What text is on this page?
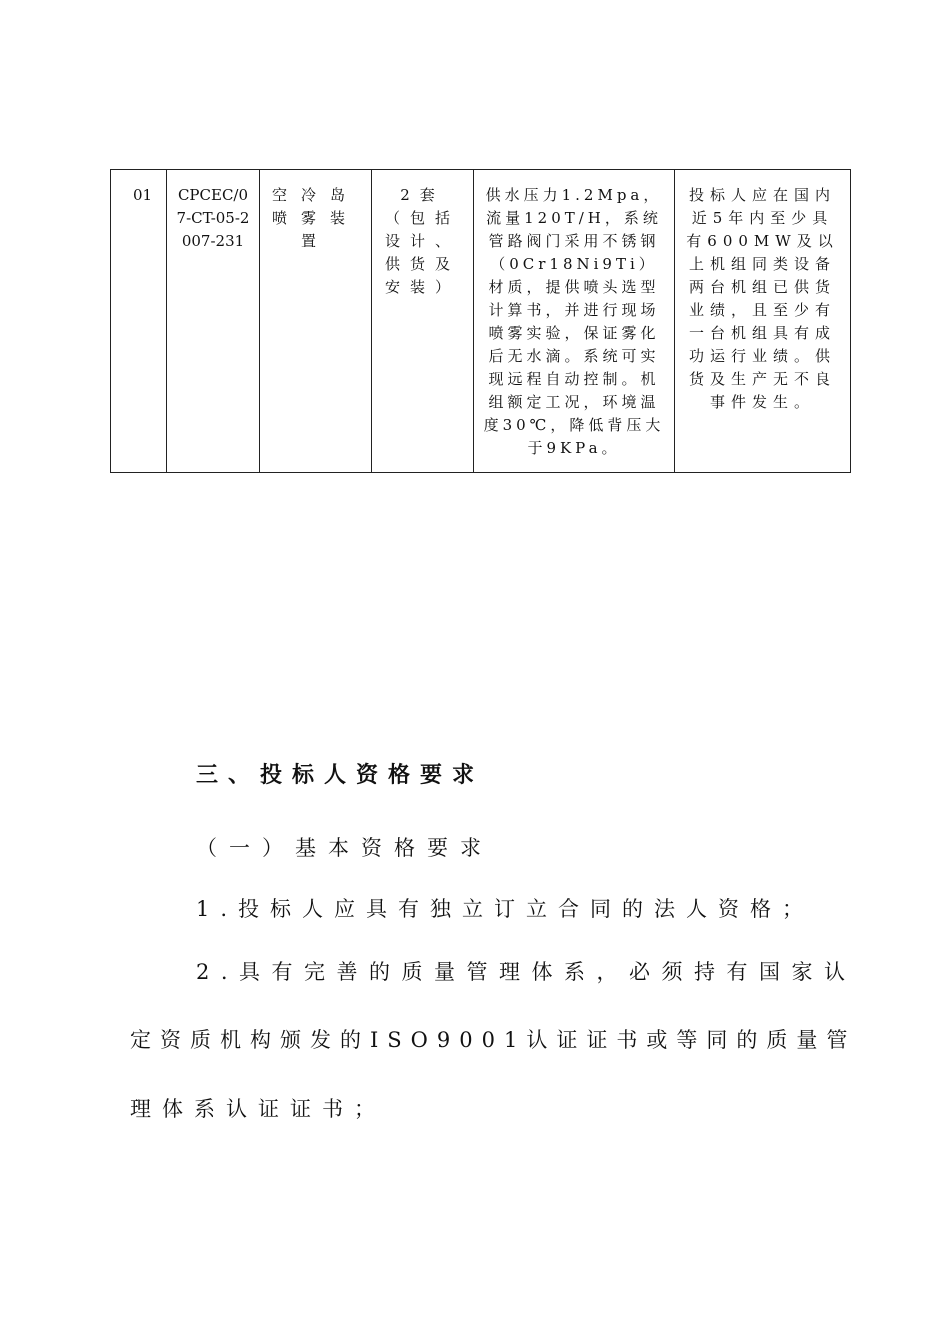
01	CPCEC/07-CT-05-2007-231	空冷岛喷雾装置	2套（包括设计、供货及安装）	供水压力1.2Mpa，流量120T/H，系统管路阀门采用不锈钢（0Cr18Ni9Ti）材质，提供喷头选型计算书，并进行现场喷雾实验，保证雾化后无水滴。系统可实现远程自动控制。机组额定工况，环境温度30℃，降低背压大于9KPa。	投标人应在国内近5年内至少具有600MW及以上机组同类设备两台机组已供货业绩，且至少有一台机组具有成功运行业绩。供货及生产无不良事件发生。
三、投标人资格要求
（一）基本资格要求
1.投标人应具有独立订立合同的法人资格；
2.具有完善的质量管理体系，必须持有国家认
定资质机构颁发的ISO9001认证证书或等同的质量管
理体系认证证书；
